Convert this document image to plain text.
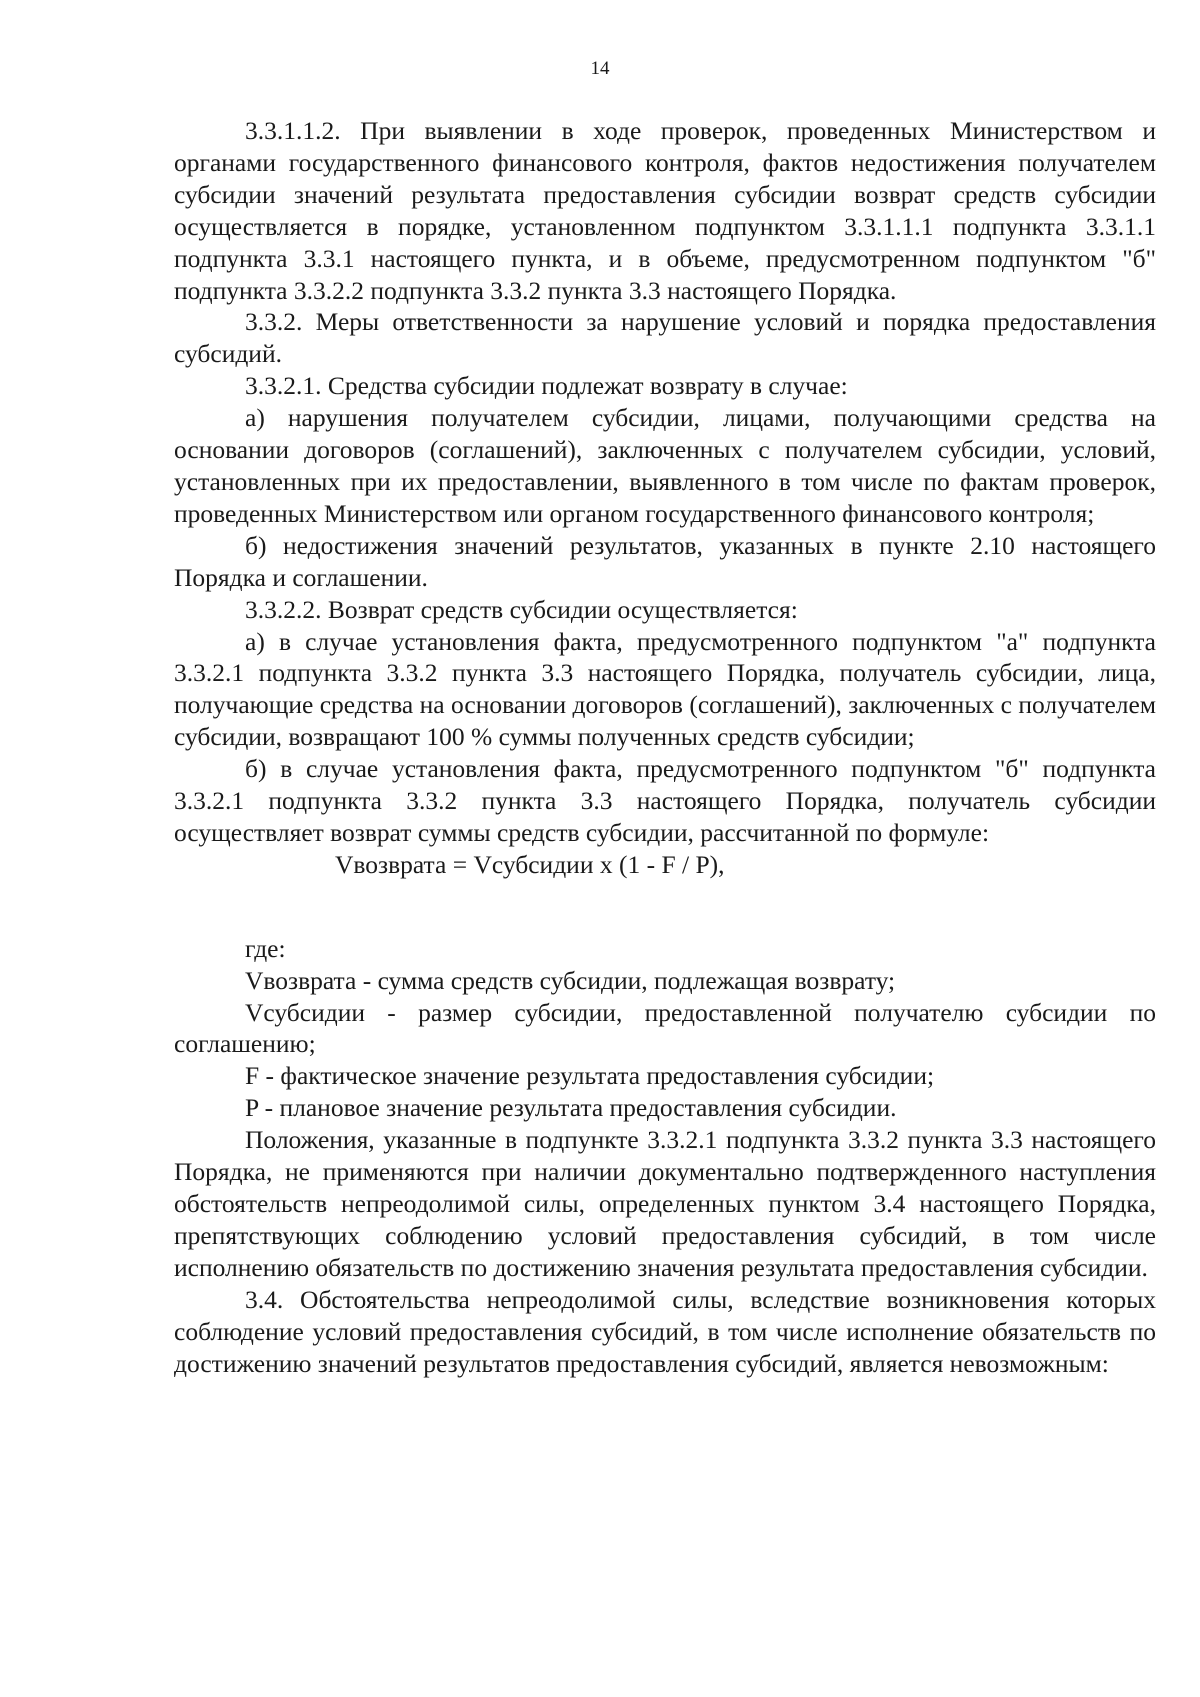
14

3.3.1.1.2. При выявлении в ходе проверок, проведенных Министерством и органами государственного финансового контроля, фактов недостижения получателем субсидии значений результата предоставления субсидии возврат средств субсидии осуществляется в порядке, установленном подпунктом 3.3.1.1.1 подпункта 3.3.1.1 подпункта 3.3.1 настоящего пункта, и в объеме, предусмотренном подпунктом "б" подпункта 3.3.2.2 подпункта 3.3.2 пункта 3.3 настоящего Порядка.

3.3.2. Меры ответственности за нарушение условий и порядка предоставления субсидий.

3.3.2.1. Средства субсидии подлежат возврату в случае:

а) нарушения получателем субсидии, лицами, получающими средства на основании договоров (соглашений), заключенных с получателем субсидии, условий, установленных при их предоставлении, выявленного в том числе по фактам проверок, проведенных Министерством или органом государственного финансового контроля;

б) недостижения значений результатов, указанных в пункте 2.10 настоящего Порядка и соглашении.

3.3.2.2. Возврат средств субсидии осуществляется:

а) в случае установления факта, предусмотренного подпунктом "а" подпункта 3.3.2.1 подпункта 3.3.2 пункта 3.3 настоящего Порядка, получатель субсидии, лица, получающие средства на основании договоров (соглашений), заключенных с получателем субсидии, возвращают 100 % суммы полученных средств субсидии;

б) в случае установления факта, предусмотренного подпунктом "б" подпункта 3.3.2.1 подпункта 3.3.2 пункта 3.3 настоящего Порядка, получатель субсидии осуществляет возврат суммы средств субсидии, рассчитанной по формуле:

Vвозврата = Vсубсидии x (1 - F / P),

где:

Vвозврата - сумма средств субсидии, подлежащая возврату;

Vсубсидии - размер субсидии, предоставленной получателю субсидии по соглашению;

F - фактическое значение результата предоставления субсидии;

P - плановое значение результата предоставления субсидии.

Положения, указанные в подпункте 3.3.2.1 подпункта 3.3.2 пункта 3.3 настоящего Порядка, не применяются при наличии документально подтвержденного наступления обстоятельств непреодолимой силы, определенных пунктом 3.4 настоящего Порядка, препятствующих соблюдению условий предоставления субсидий, в том числе исполнению обязательств по достижению значения результата предоставления субсидии.

3.4. Обстоятельства непреодолимой силы, вследствие возникновения которых соблюдение условий предоставления субсидий, в том числе исполнение обязательств по достижению значений результатов предоставления субсидий, является невозможным:
